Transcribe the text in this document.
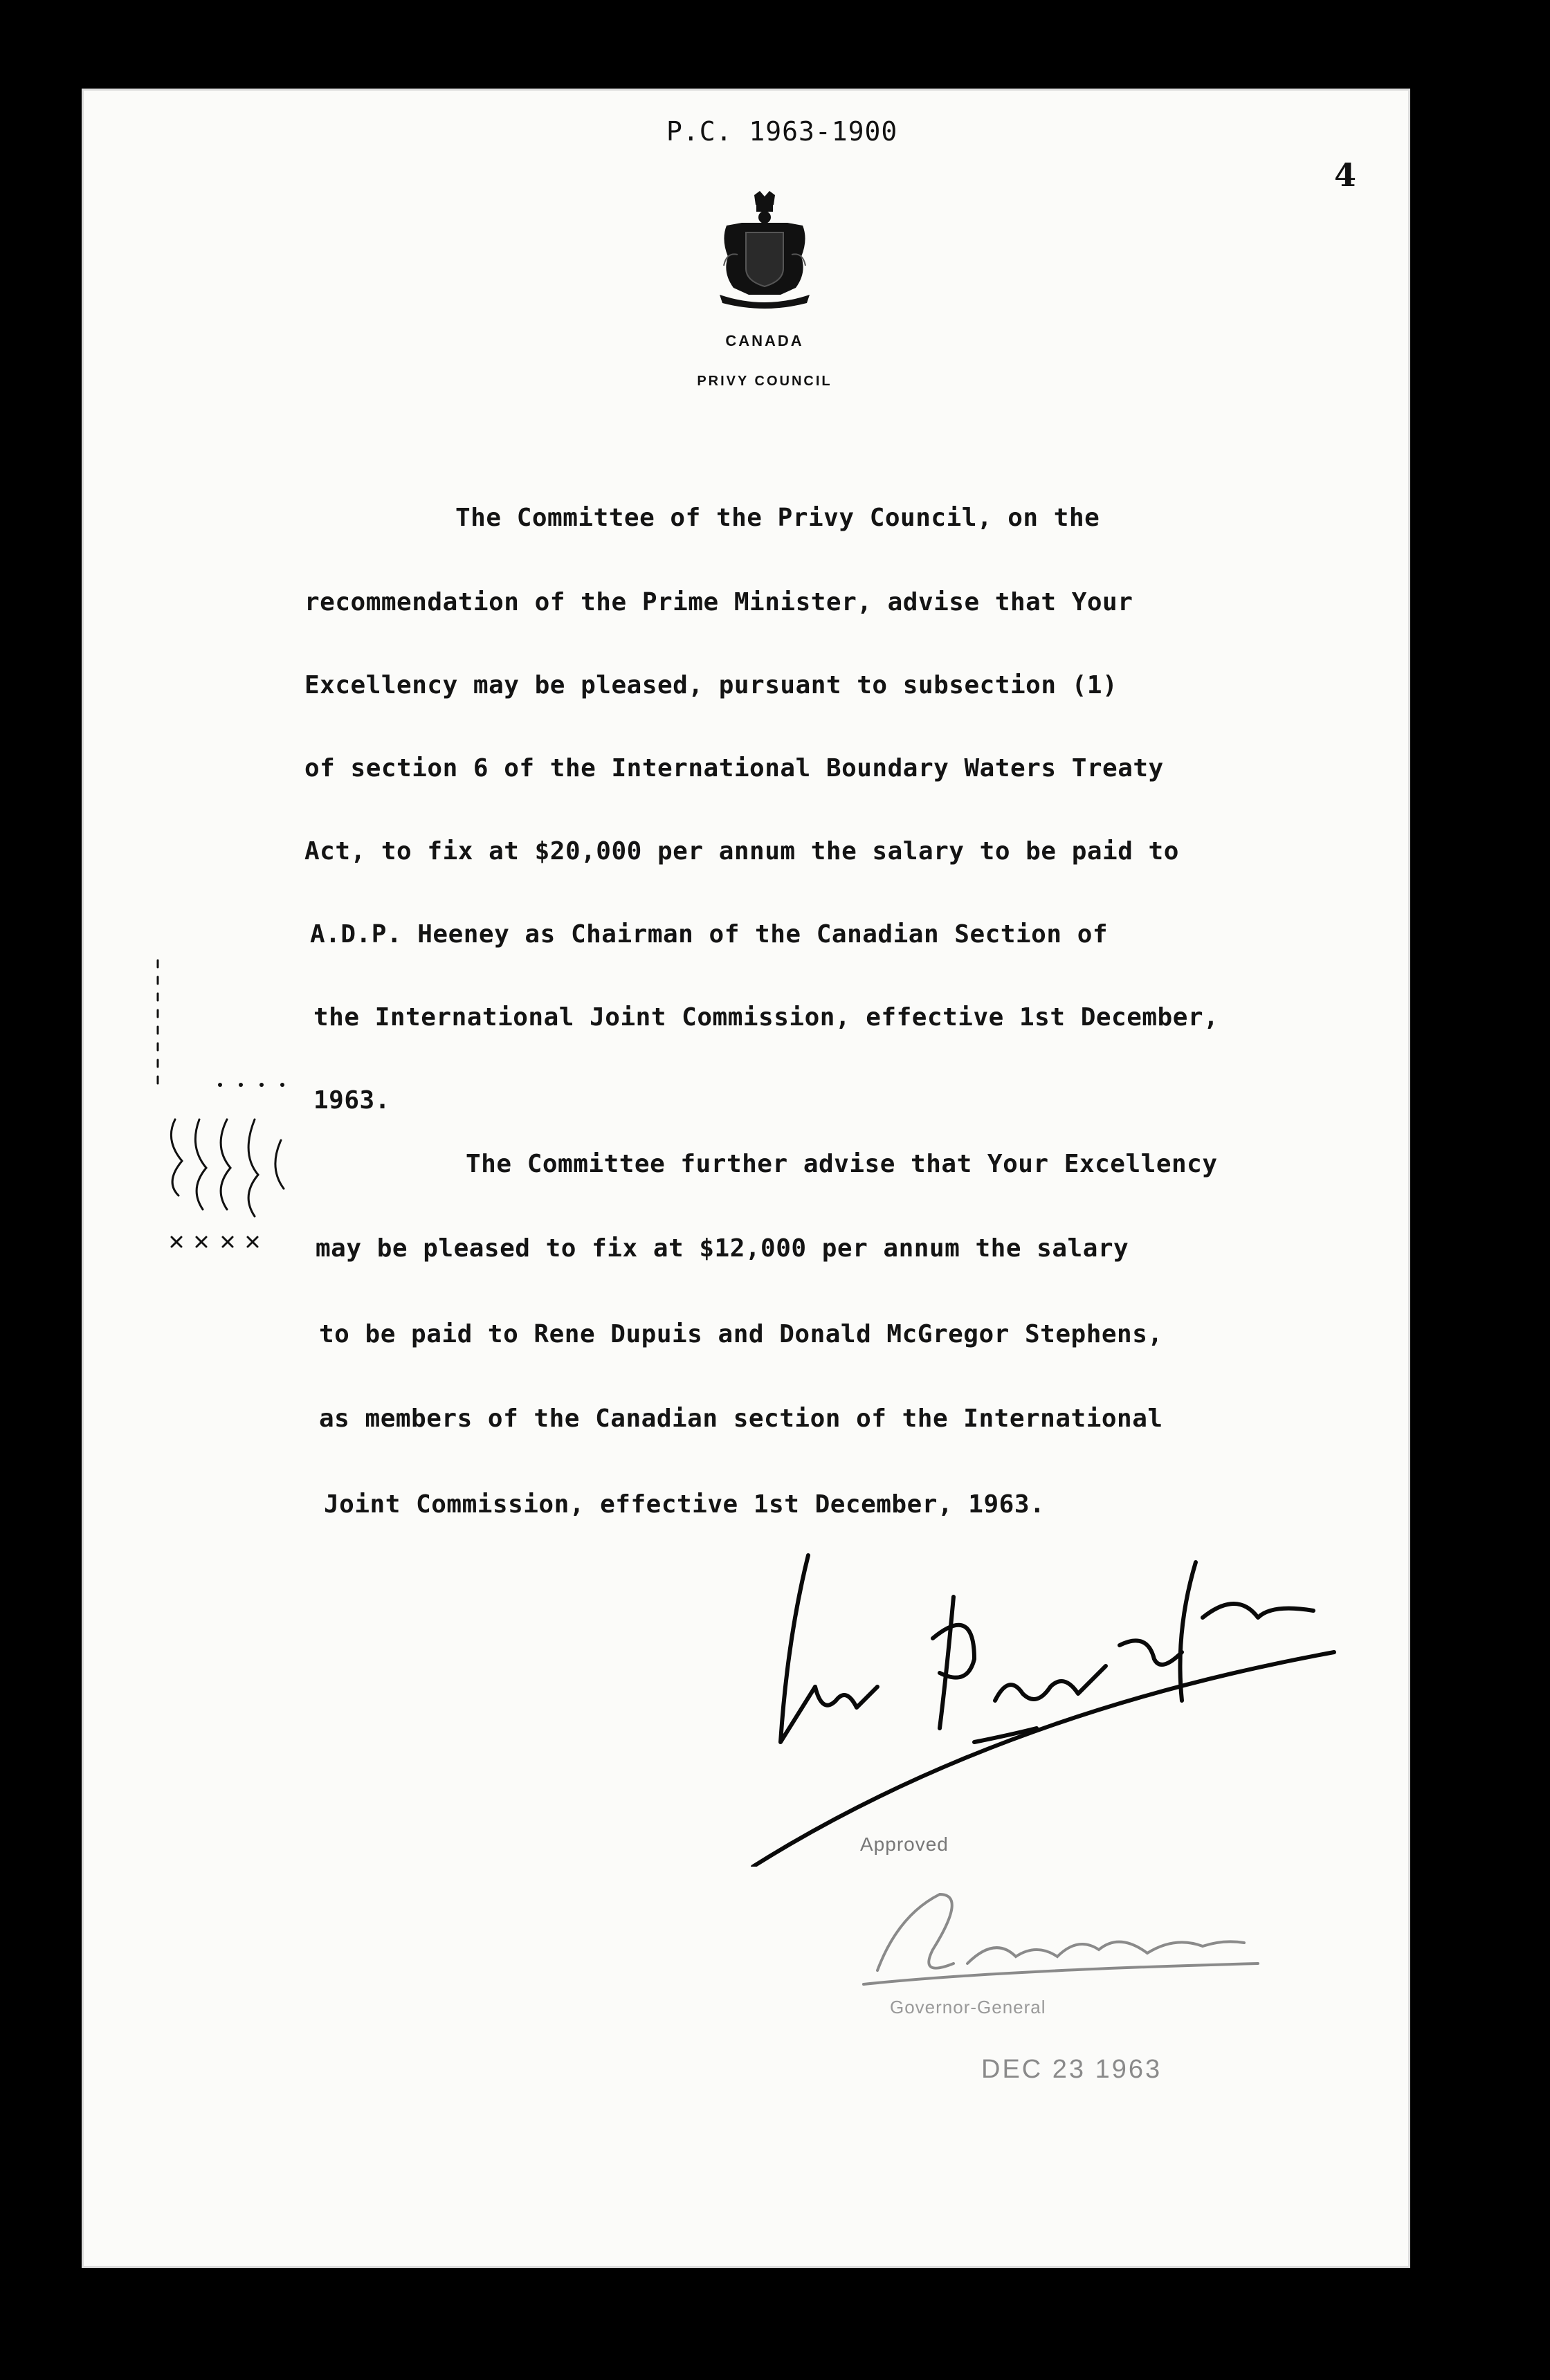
P.C. 1963-1900
4
CANADA
PRIVY COUNCIL
The Committee of the Privy Council, on the
recommendation of the Prime Minister, advise that Your
Excellency may be pleased, pursuant to subsection (1)
of section 6 of the International Boundary Waters Treaty
Act, to fix at $20,000 per annum the salary to be paid to
A.D.P. Heeney as Chairman of the Canadian Section of
the International Joint Commission, effective 1st December,
1963.
The Committee further advise that Your Excellency
may be pleased to fix at $12,000 per annum the salary
to be paid to Rene Dupuis and Donald McGregor Stephens,
as members of the Canadian section of the International
Joint Commission, effective 1st December, 1963.
Approved
Governor-General
DEC 23 1963
